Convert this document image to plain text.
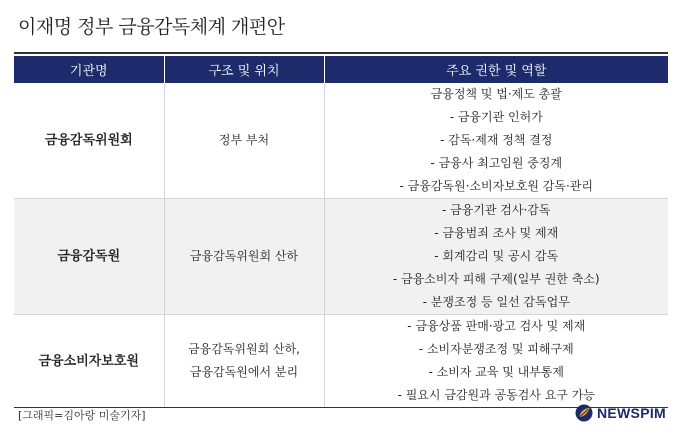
이재명 정부 금융감독체계 개편안
기관명	구조 및 위치	주요 권한 및 역할
금융감독위원회	정부 부처	금융정책 및 법·제도 총괄
- 금융기관 인허가
- 감독·제재 정책 결정
- 금융사 최고임원 중징계
- 금융감독원·소비자보호원 감독·관리

금융감독원	금융감독위원회 산하	- 금융기관 검사·감독
- 금융범죄 조사 및 제재
- 회계감리 및 공시 감독
- 금융소비자 피해 구제(일부 권한 축소)
- 분쟁조정 등 일선 감독업무

금융소비자보호원	금융감독위원회 산하,
금융감독원에서 분리	- 금융상품 판매·광고 검사 및 제재
- 소비자분쟁조정 및 피해구제
- 소비자 교육 및 내부통제
- 필요시 금감원과 공동검사 요구 가능
[그래픽=김아랑 미술기자]	NEWSPIM
